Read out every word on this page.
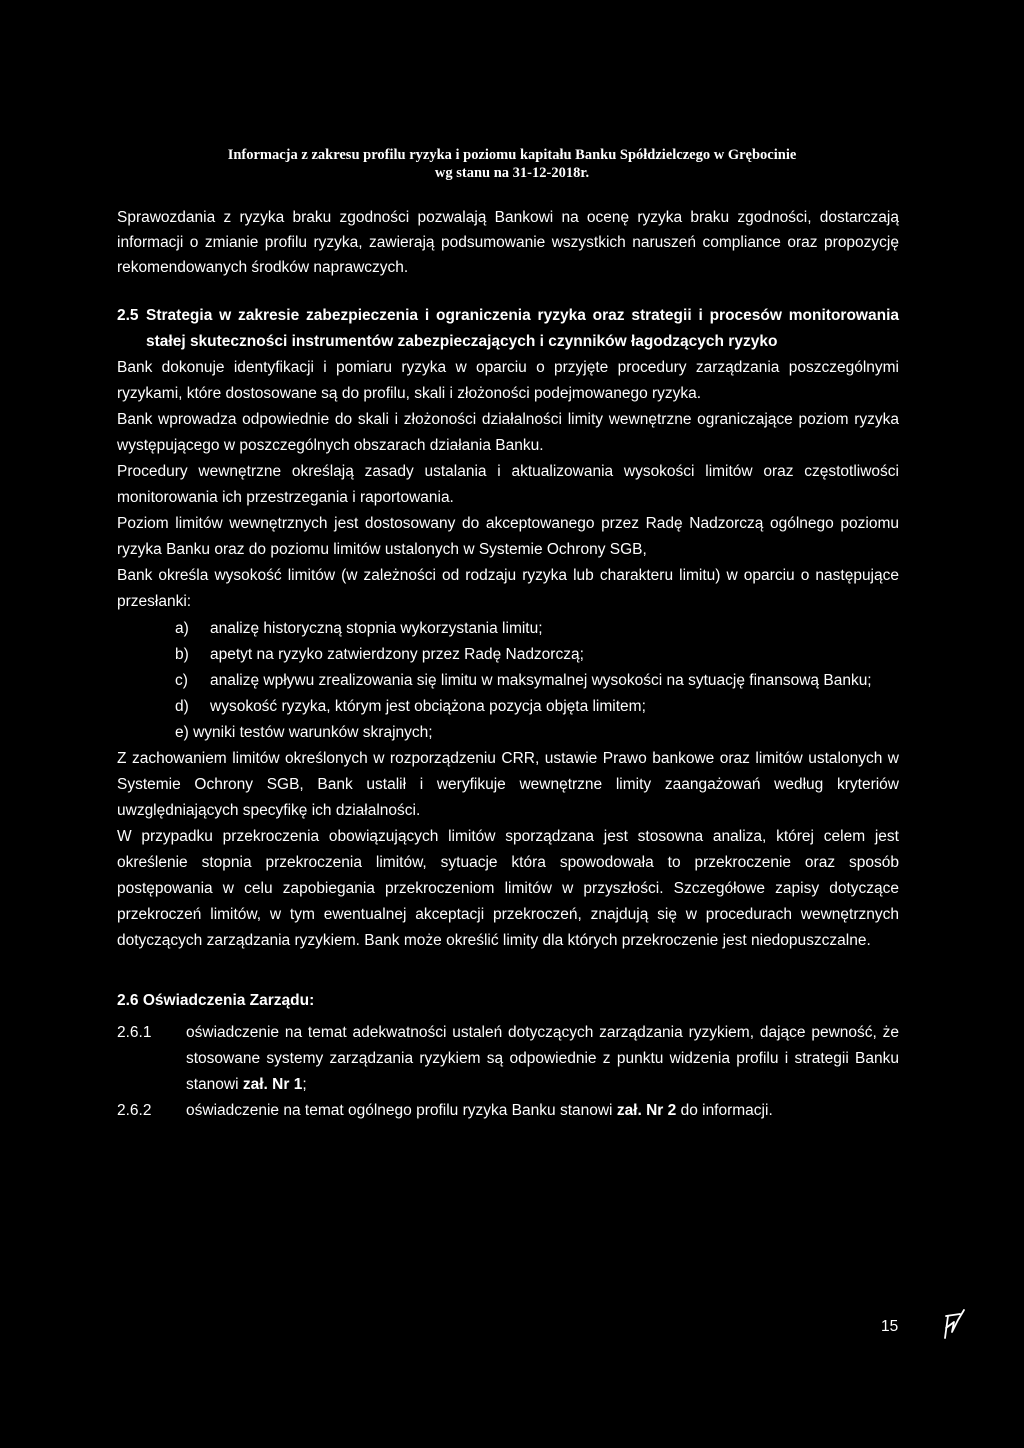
Informacja z zakresu profilu ryzyka i poziomu kapitału Banku Spółdzielczego w Grębocinie
wg stanu na 31-12-2018r.

Sprawozdania z ryzyka braku zgodności pozwalają Bankowi na ocenę ryzyka braku zgodności, dostarczają informacji o zmianie profilu ryzyka, zawierają podsumowanie wszystkich naruszeń compliance oraz propozycję rekomendowanych środków naprawczych.

2.5 Strategia w zakresie zabezpieczenia i ograniczenia ryzyka oraz strategii i procesów monitorowania stałej skuteczności instrumentów zabezpieczających i czynników łagodzących ryzyko

Bank dokonuje identyfikacji i pomiaru ryzyka w oparciu o przyjęte procedury zarządzania poszczególnymi ryzykami, które dostosowane są do profilu, skali i złożoności podejmowanego ryzyka.

Bank wprowadza odpowiednie do skali i złożoności działalności limity wewnętrzne ograniczające poziom ryzyka występującego w poszczególnych obszarach działania Banku.

Procedury wewnętrzne określają zasady ustalania i aktualizowania wysokości limitów oraz częstotliwości monitorowania ich przestrzegania i raportowania.

Poziom limitów wewnętrznych jest dostosowany do akceptowanego przez Radę Nadzorczą ogólnego poziomu ryzyka Banku oraz do poziomu limitów ustalonych w Systemie Ochrony SGB,

Bank określa wysokość limitów (w zależności od rodzaju ryzyka lub charakteru limitu) w oparciu o następujące przesłanki:

a) analizę historyczną stopnia wykorzystania limitu;
b) apetyt na ryzyko zatwierdzony przez Radę Nadzorczą;
c) analizę wpływu zrealizowania się limitu w maksymalnej wysokości na sytuację finansową Banku;
d) wysokość ryzyka, którym jest obciążona pozycja objęta limitem;
e) wyniki testów warunków skrajnych;

Z zachowaniem limitów określonych w rozporządzeniu CRR, ustawie Prawo bankowe oraz limitów ustalonych w Systemie Ochrony SGB, Bank ustalił i weryfikuje wewnętrzne limity zaangażowań według kryteriów uwzględniających specyfikę ich działalności.

W przypadku przekroczenia obowiązujących limitów sporządzana jest stosowna analiza, której celem jest określenie stopnia przekroczenia limitów, sytuacje która spowodowała to przekroczenie oraz sposób postępowania w celu zapobiegania przekroczeniom limitów w przyszłości. Szczegółowe zapisy dotyczące przekroczeń limitów, w tym ewentualnej akceptacji przekroczeń, znajdują się w procedurach wewnętrznych dotyczących zarządzania ryzykiem. Bank może określić limity dla których przekroczenie jest niedopuszczalne.

2.6 Oświadczenia Zarządu:
2.6.1 oświadczenie na temat adekwatności ustaleń dotyczących zarządzania ryzykiem, dające pewność, że stosowane systemy zarządzania ryzykiem są odpowiednie z punktu widzenia profilu i strategii Banku stanowi zał. Nr 1;
2.6.2 oświadczenie na temat ogólnego profilu ryzyka Banku stanowi zał. Nr 2 do informacji.
15
